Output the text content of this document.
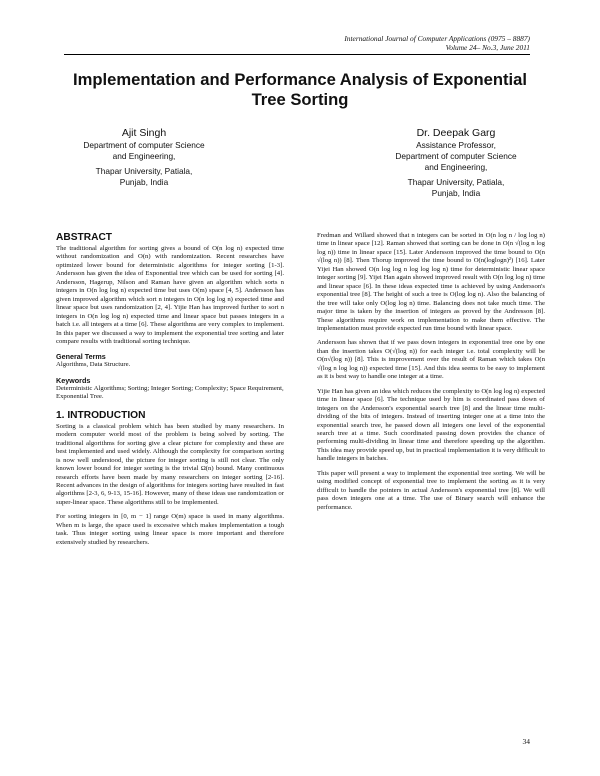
International Journal of Computer Applications (0975 – 8887)
Volume 24– No.3, June 2011
Implementation and Performance Analysis of Exponential Tree Sorting
Ajit Singh
Department of computer Science
and Engineering,
Thapar University, Patiala,
Punjab, India
Dr. Deepak Garg
Assistance Professor,
Department of computer Science
and Engineering,
Thapar University, Patiala,
Punjab, India
ABSTRACT

The traditional algorithm for sorting gives a bound of O(n log n) expected time without randomization and O(n) with randomization. Recent researches have optimized lower bound for deterministic algorithms for integer sorting [1-3]. Andersson has given the idea of Exponential tree which can be used for sorting [4]. Andersson, Hagerup, Nilson and Raman have given an algorithm which sorts n integers in O(n log log n) expected time but uses O(m) space [4, 5]. Andersson has given improved algorithm which sort n integers in O(n log log n) expected time and linear space but uses randomization [2, 4]. Yijie Han has improved further to sort n integers in O(n log log n) expected time and linear space but passes integers in a batch i.e. all integers at a time [6]. These algorithms are very complex to implement. In this paper we discussed a way to implement the exponential tree sorting and later compare results with traditional sorting technique.

General Terms

Algorithms, Data Structure.

Keywords

Deterministic Algorithms; Sorting; Integer Sorting; Complexity; Space Requirement, Exponential Tree.

1. INTRODUCTION

Sorting is a classical problem which has been studied by many researchers. In modern computer world most of the problem is being solved by sorting. The traditional algorithms for sorting give a clear picture for complexity and these are best implemented and used widely. Although the complexity for comparison sorting is now well understood, the picture for integer sorting is still not clear. The only known lower bound for integer sorting is the trivial Ω(n) bound. Many continuous research efforts have been made by many researchers on integer sorting [2-16]. Recent advances in the design of algorithms for integers sorting have resulted in fast algorithms [2-3, 6, 9-13, 15-16]. However, many of these ideas use randomization or super-linear space. These algorithms still to be implemented.

For sorting integers in [0, m − 1] range O(m) space is used in many algorithms. When m is large, the space used is excessive which makes implementation a tough task. Thus integer sorting using linear space is more important and therefore extensively studied by researchers.

Fredman and Willard showed that n integers can be sorted in O(n log n / log log n) time in linear space [12]. Raman showed that sorting can be done in O(n √(log n log log n)) time in linear space [15]. Later Andersson improved the time bound to O(n √(log n)) [8]. Then Thorup improved the time bound to O(n(loglogn)²) [16]. Later Yijei Han showed O(n log log n log log log n) time for deterministic linear space integer sorting [9]. Yijei Han again showed improved result with O(n log log n) time and linear space [6]. In these ideas expected time is achieved by using Andersson's exponential tree [8]. The height of such a tree is O(log log n). Also the balancing of the tree will take only O(log log n) time. Balancing does not take much time. The major time is taken by the insertion of integers as proved by the Andresson [8]. These algorithms require work on implementation to make them effective. The implementation must provide expected run time bound with linear space.

Andersson has shown that if we pass down integers in exponential tree one by one than the insertion takes O(√(log n)) for each integer i.e. total complexity will be O(n√(log n)) [8]. This is improvement over the result of Raman which takes O(n √(log n log log n)) expected time [15]. And this idea seems to be easy to implement as it is best way to handle one integer at a time.

Yijie Han has given an idea which reduces the complexity to O(n log log n) expected time in linear space [6]. The technique used by him is coordinated pass down of integers on the Andersson's exponential search tree [8] and the linear time multi-dividing of the bits of integers. Instead of inserting integer one at a time into the exponential search tree, he passed down all integers one level of the exponential search tree at a time. Such coordinated passing down provides the chance of performing multi-dividing in linear time and therefore speeding up the algorithm. This idea may provide speed up, but in practical implementation it is very difficult to handle integers in batches.

This paper will present a way to implement the exponential tree sorting. We will be using modified concept of exponential tree to implement the sorting as it is very difficult to handle the pointers in actual Andersson's exponential tree [8]. We will pass down integers one at a time. The use of Binary search will enhance the performance.

34
